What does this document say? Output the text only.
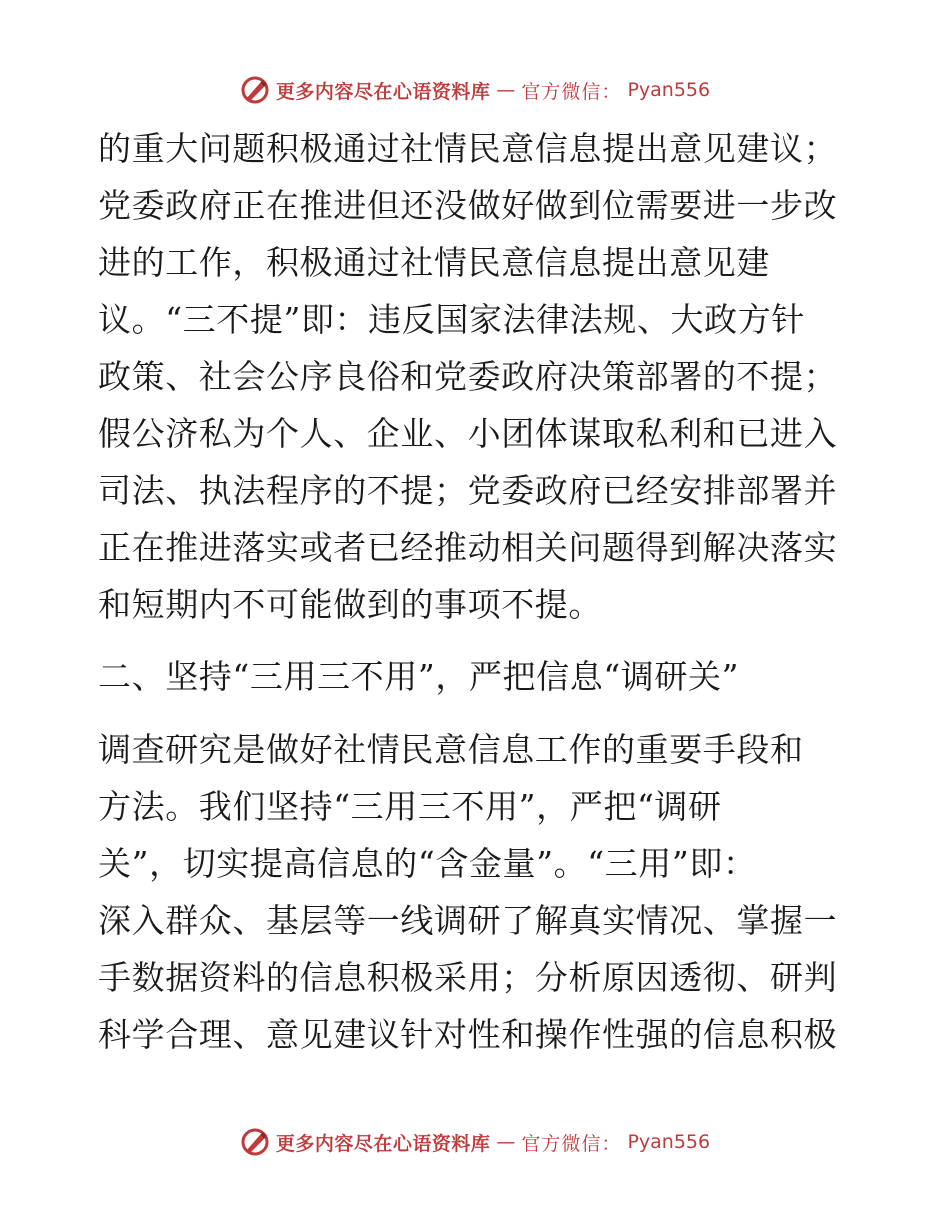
更多内容尽在心语资料库 — 官方微信： Pyan556
的重大问题积极通过社情民意信息提出意见建议；
党委政府正在推进但还没做好做到位需要进一步改
进的工作，积极通过社情民意信息提出意见建
议。“三不提”即：违反国家法律法规、大政方针
政策、社会公序良俗和党委政府决策部署的不提；
假公济私为个人、企业、小团体谋取私利和已进入
司法、执法程序的不提；党委政府已经安排部署并
正在推进落实或者已经推动相关问题得到解决落实
和短期内不可能做到的事项不提。
二、坚持“三用三不用”，严把信息“调研关”
调查研究是做好社情民意信息工作的重要手段和
方法。我们坚持“三用三不用”，严把“调研
关”，切实提高信息的“含金量”。“三用”即：
深入群众、基层等一线调研了解真实情况、掌握一
手数据资料的信息积极采用；分析原因透彻、研判
科学合理、意见建议针对性和操作性强的信息积极
更多内容尽在心语资料库 — 官方微信： Pyan556
